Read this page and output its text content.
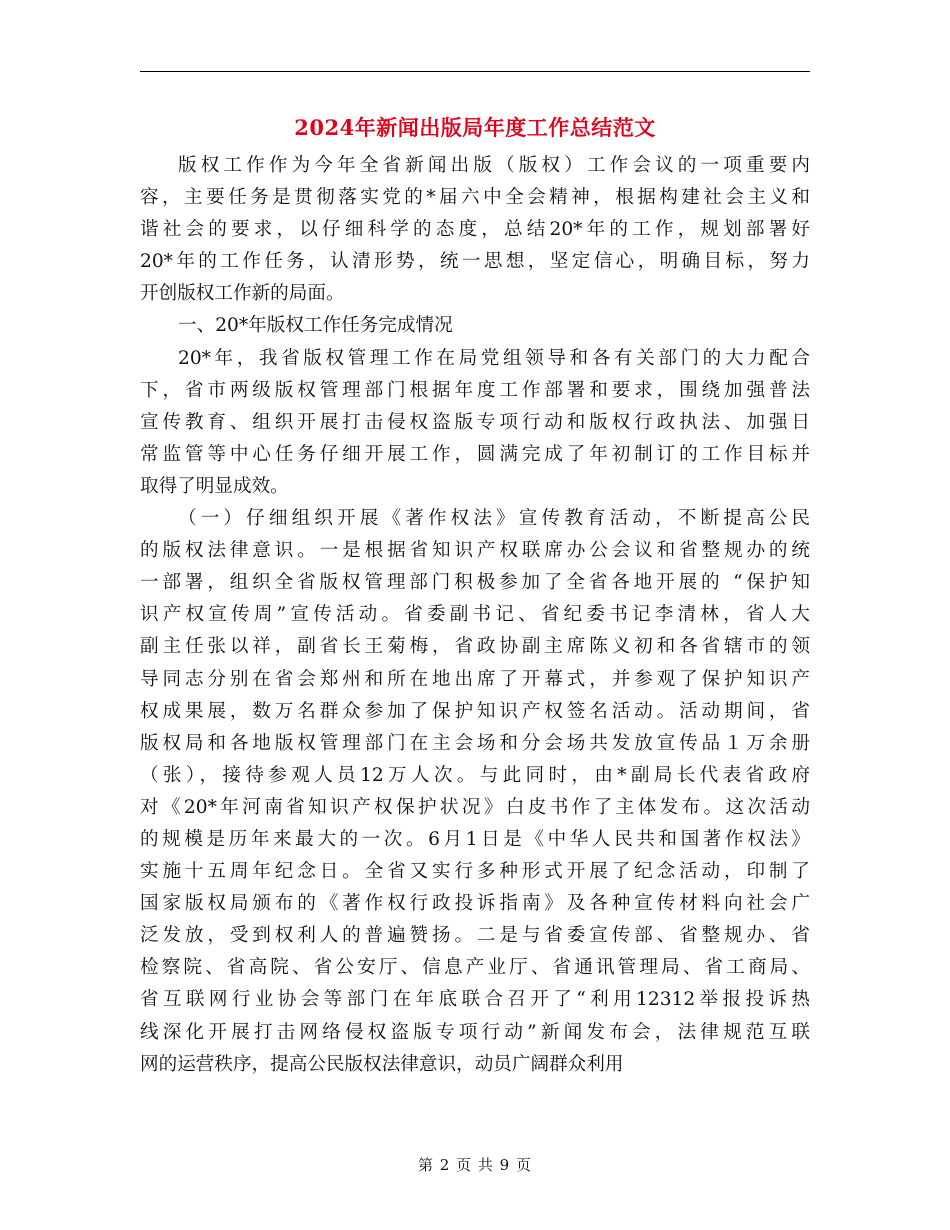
2024年新闻出版局年度工作总结范文
版权工作作为今年全省新闻出版（版权）工作会议的一项重要内
容，主要任务是贯彻落实党的*届六中全会精神，根据构建社会主义和
谐社会的要求，以仔细科学的态度，总结20*年的工作，规划部署好
20*年的工作任务，认清形势，统一思想，坚定信心，明确目标，努力
开创版权工作新的局面。
一、20*年版权工作任务完成情况
20*年，我省版权管理工作在局党组领导和各有关部门的大力配合
下，省市两级版权管理部门根据年度工作部署和要求，围绕加强普法
宣传教育、组织开展打击侵权盗版专项行动和版权行政执法、加强日
常监管等中心任务仔细开展工作，圆满完成了年初制订的工作目标并
取得了明显成效。
（一）仔细组织开展《著作权法》宣传教育活动，不断提高公民
的版权法律意识。一是根据省知识产权联席办公会议和省整规办的统
一部署，组织全省版权管理部门积极参加了全省各地开展的 “保护知
识产权宣传周”宣传活动。省委副书记、省纪委书记李清林，省人大
副主任张以祥，副省长王菊梅，省政协副主席陈义初和各省辖市的领
导同志分别在省会郑州和所在地出席了开幕式，并参观了保护知识产
权成果展，数万名群众参加了保护知识产权签名活动。活动期间，省
版权局和各地版权管理部门在主会场和分会场共发放宣传品１万余册
（张），接待参观人员12万人次。与此同时，由*副局长代表省政府
对《20*年河南省知识产权保护状况》白皮书作了主体发布。这次活动
的规模是历年来最大的一次。6月1日是《中华人民共和国著作权法》
实施十五周年纪念日。全省又实行多种形式开展了纪念活动，印制了
国家版权局颁布的《著作权行政投诉指南》及各种宣传材料向社会广
泛发放，受到权利人的普遍赞扬。二是与省委宣传部、省整规办、省
检察院、省高院、省公安厅、信息产业厅、省通讯管理局、省工商局、
省互联网行业协会等部门在年底联合召开了“利用12312举报投诉热
线深化开展打击网络侵权盗版专项行动”新闻发布会，法律规范互联
网的运营秩序，提高公民版权法律意识，动员广阔群众利用
第 2 页 共 9 页
